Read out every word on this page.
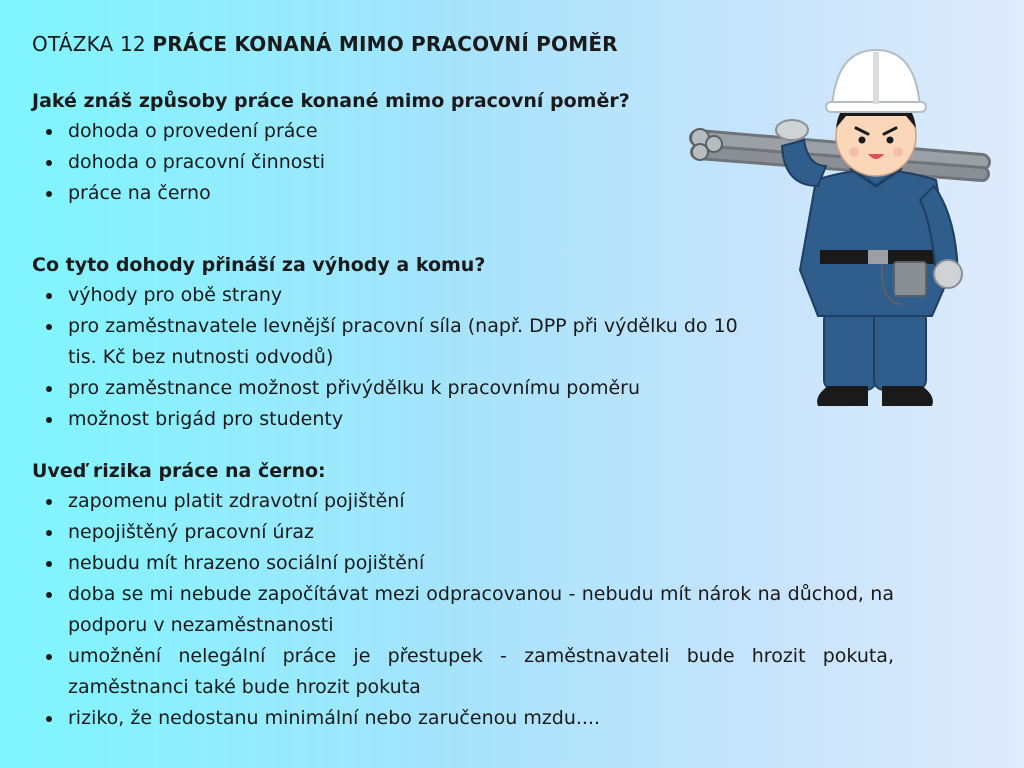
OTÁZKA 12 PRÁCE KONANÁ MIMO PRACOVNÍ POMĚR
Jaké znáš způsoby práce konané mimo pracovní poměr?
dohoda o provedení práce
dohoda o pracovní činnosti
práce na černo
Co tyto dohody přináší za výhody a komu?
výhody pro obě strany
pro zaměstnavatele levnější pracovní síla (např. DPP při výdělku do 10 tis. Kč bez nutnosti odvodů)
pro zaměstnance možnost přivýdělku k pracovnímu poměru
možnost brigád pro studenty
Uveď rizika práce na černo:
zapomenu platit zdravotní pojištění
nepojištěný pracovní úraz
nebudu mít hrazeno sociální pojištění
doba se mi nebude započítávat mezi odpracovanou - nebudu mít nárok na důchod, na podporu v nezaměstnanosti
umožnění nelegální práce je přestupek - zaměstnavateli bude hrozit pokuta, zaměstnanci také bude hrozit pokuta
riziko, že nedostanu minimální nebo zaručenou mzdu....
